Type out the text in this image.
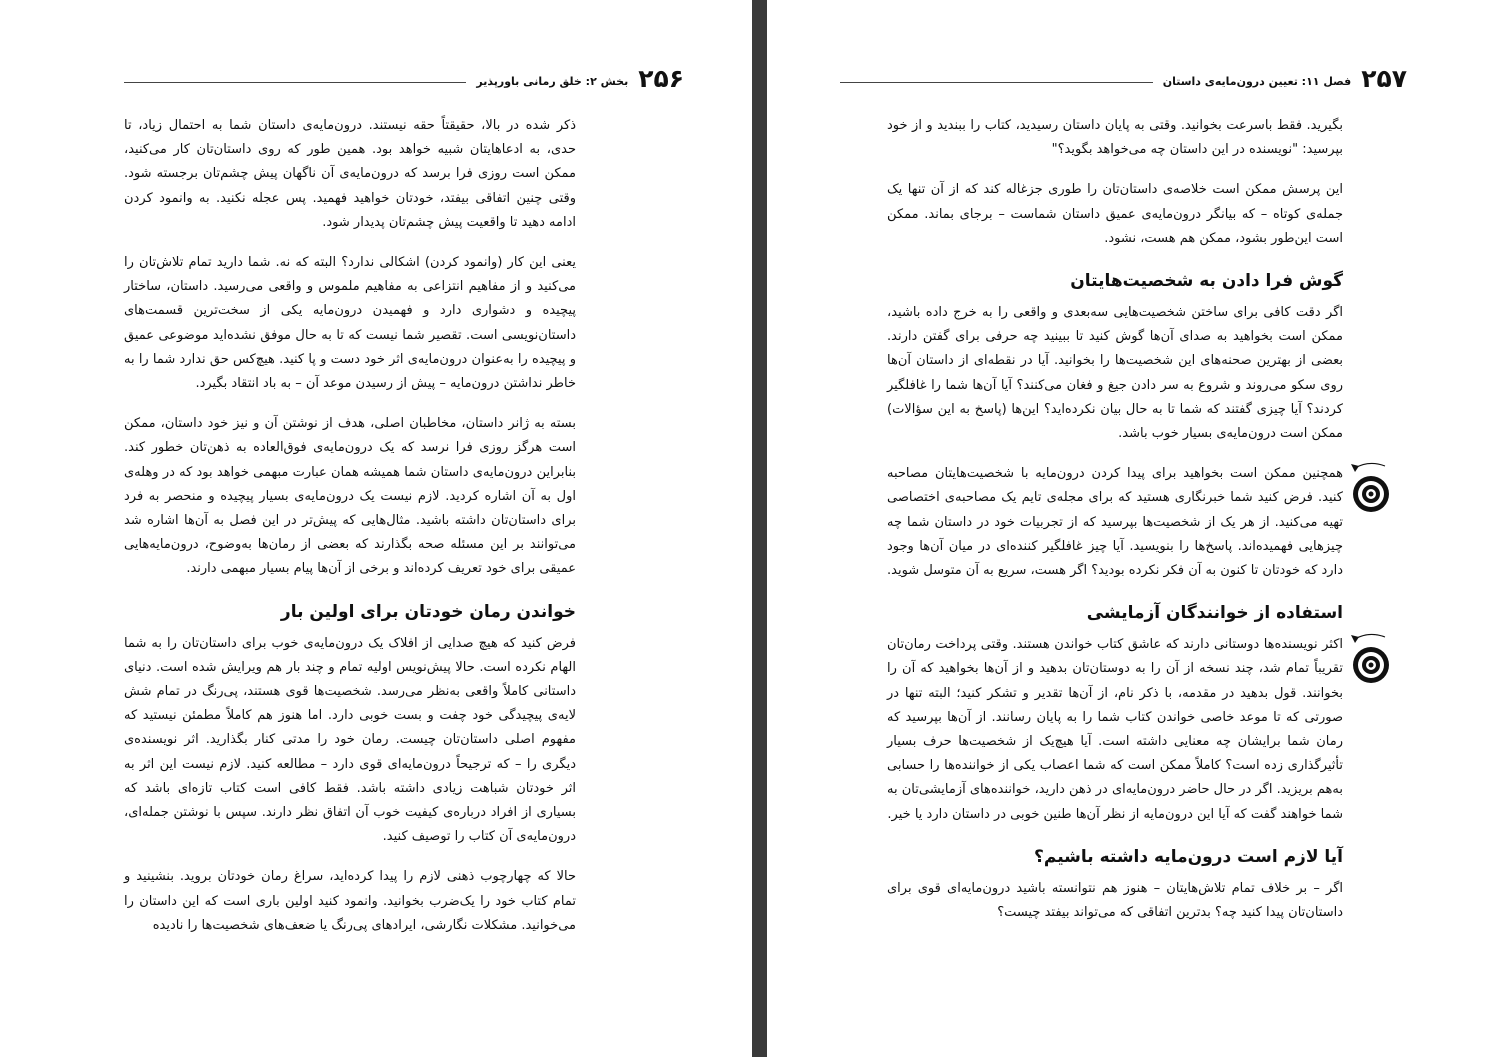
۲۵۶
بخش ۲: خلق رمانی باورپذیر

ذکر شده در بالا، حقیقتاً حقه نیستند. درون‌مایه‌ی داستان شما به احتمال زیاد، تا حدی، به ادعاهایتان شبیه خواهد بود. همین طور که روی داستان‌تان کار می‌کنید، ممکن است روزی فرا برسد که درون‌مایه‌ی آن ناگهان پیش چشم‌تان برجسته شود. وقتی چنین اتفاقی بیفتد، خودتان خواهید فهمید. پس عجله نکنید. به وانمود کردن ادامه دهید تا واقعیت پیش چشم‌تان پدیدار شود.

یعنی این کار (وانمود کردن) اشکالی ندارد؟ البته که نه. شما دارید تمام تلاش‌تان را می‌کنید و از مفاهیم انتزاعی به مفاهیم ملموس و واقعی می‌رسید. داستان، ساختار پیچیده و دشواری دارد و فهمیدن درون‌مایه یکی از سخت‌ترین قسمت‌های داستان‌نویسی است. تقصیر شما نیست که تا به حال موفق نشده‌اید موضوعی عمیق و پیچیده را به‌عنوان درون‌مایه‌ی اثر خود دست و پا کنید. هیچ‌کس حق ندارد شما را به خاطر نداشتن درون‌مایه – پیش از رسیدن موعد آن – به باد انتقاد بگیرد.

بسته به ژانر داستان، مخاطبان اصلی، هدف از نوشتن آن و نیز خود داستان، ممکن است هرگز روزی فرا نرسد که یک درون‌مایه‌ی فوق‌العاده به ذهن‌تان خطور کند. بنابراین درون‌مایه‌ی داستان شما همیشه همان عبارت مبهمی خواهد بود که در وهله‌ی اول به آن اشاره کردید. لازم نیست یک درون‌مایه‌ی بسیار پیچیده و منحصر به فرد برای داستان‌تان داشته باشید. مثال‌هایی که پیش‌تر در این فصل به آن‌ها اشاره شد می‌توانند بر این مسئله صحه بگذارند که بعضی از رمان‌ها به‌وضوح، درون‌مایه‌هایی عمیقی برای خود تعریف کرده‌اند و برخی از آن‌ها پیام بسیار مبهمی دارند.

خواندن رمان خودتان برای اولین بار

فرض کنید که هیچ صدایی از افلاک یک درون‌مایه‌ی خوب برای داستان‌تان را به شما الهام نکرده است. حالا پیش‌نویس اولیه تمام و چند بار هم ویرایش شده است. دنیای داستانی کاملاً واقعی به‌نظر می‌رسد. شخصیت‌ها قوی هستند، پی‌رنگ در تمام شش لایه‌ی پیچیدگی خود چفت و بست خوبی دارد. اما هنوز هم کاملاً مطمئن نیستید که مفهوم اصلی داستان‌تان چیست. رمان خود را مدتی کنار بگذارید. اثر نویسنده‌ی دیگری را – که ترجیحاً درون‌مایه‌ای قوی دارد – مطالعه کنید. لازم نیست این اثر به اثر خودتان شباهت زیادی داشته باشد. فقط کافی است کتاب تازه‌ای باشد که بسیاری از افراد درباره‌ی کیفیت خوب آن اتفاق نظر دارند. سپس با نوشتن جمله‌ای، درون‌مایه‌ی آن کتاب را توصیف کنید.

حالا که چهارچوب ذهنی لازم را پیدا کرده‌اید، سراغ رمان خودتان بروید. بنشینید و تمام کتاب خود را یک‌ضرب بخوانید. وانمود کنید اولین باری است که این داستان را می‌خوانید. مشکلات نگارشی، ایرادهای پی‌رنگ یا ضعف‌های شخصیت‌ها را نادیده

۲۵۷
فصل ۱۱: تعیین درون‌مایه‌ی داستان

بگیرید. فقط باسرعت بخوانید. وقتی به پایان داستان رسیدید، کتاب را ببندید و از خود بپرسید: "نویسنده در این داستان چه می‌خواهد بگوید؟"

این پرسش ممکن است خلاصه‌ی داستان‌تان را طوری جزغاله کند که از آن تنها یک جمله‌ی کوتاه – که بیانگر درون‌مایه‌ی عمیق داستان شماست – برجای بماند. ممکن است این‌طور بشود، ممکن هم هست، نشود.

گوش فرا دادن به شخصیت‌هایتان

اگر دقت کافی برای ساختن شخصیت‌هایی سه‌بعدی و واقعی را به خرج داده باشید، ممکن است بخواهید به صدای آن‌ها گوش کنید تا ببینید چه حرفی برای گفتن دارند. بعضی از بهترین صحنه‌های این شخصیت‌ها را بخوانید. آیا در نقطه‌ای از داستان آن‌ها روی سکو می‌روند و شروع به سر دادن جیغ و فغان می‌کنند؟ آیا آن‌ها شما را غافلگیر کردند؟ آیا چیزی گفتند که شما تا به حال بیان نکرده‌اید؟ این‌ها (پاسخ به این سؤالات) ممکن است درون‌مایه‌ی بسیار خوب باشد.

همچنین ممکن است بخواهید برای پیدا کردن درون‌مایه با شخصیت‌هایتان مصاحبه کنید. فرض کنید شما خبرنگاری هستید که برای مجله‌ی تایم یک مصاحبه‌ی اختصاصی تهیه می‌کنید. از هر یک از شخصیت‌ها بپرسید که از تجربیات خود در داستان شما چه چیزهایی فهمیده‌اند. پاسخ‌ها را بنویسید. آیا چیز غافلگیر کننده‌ای در میان آن‌ها وجود دارد که خودتان تا کنون به آن فکر نکرده بودید؟ اگر هست، سریع به آن متوسل شوید.

استفاده از خوانندگان آزمایشی

اکثر نویسنده‌ها دوستانی دارند که عاشق کتاب خواندن هستند. وقتی پرداخت رمان‌تان تقریباً تمام شد، چند نسخه از آن را به دوستان‌تان بدهید و از آن‌ها بخواهید که آن را بخوانند. قول بدهید در مقدمه، با ذکر نام، از آن‌ها تقدیر و تشکر کنید؛ البته تنها در صورتی که تا موعد خاصی خواندن کتاب شما را به پایان رسانند. از آن‌ها بپرسید که رمان شما برایشان چه معنایی داشته است. آیا هیچ‌یک از شخصیت‌ها حرف بسیار تأثیرگذاری زده است؟ کاملاً ممکن است که شما اعصاب یکی از خواننده‌ها را حسابی به‌هم بریزید. اگر در حال حاضر درون‌مایه‌ای در ذهن دارید، خواننده‌های آزمایشی‌تان به شما خواهند گفت که آیا این درون‌مایه از نظر آن‌ها طنین خوبی در داستان دارد یا خیر.

آیا لازم است درون‌مایه داشته باشیم؟

اگر – بر خلاف تمام تلاش‌هایتان – هنوز هم نتوانسته باشید درون‌مایه‌ای قوی برای داستان‌تان پیدا کنید چه؟ بدترین اتفاقی که می‌تواند بیفتد چیست؟
